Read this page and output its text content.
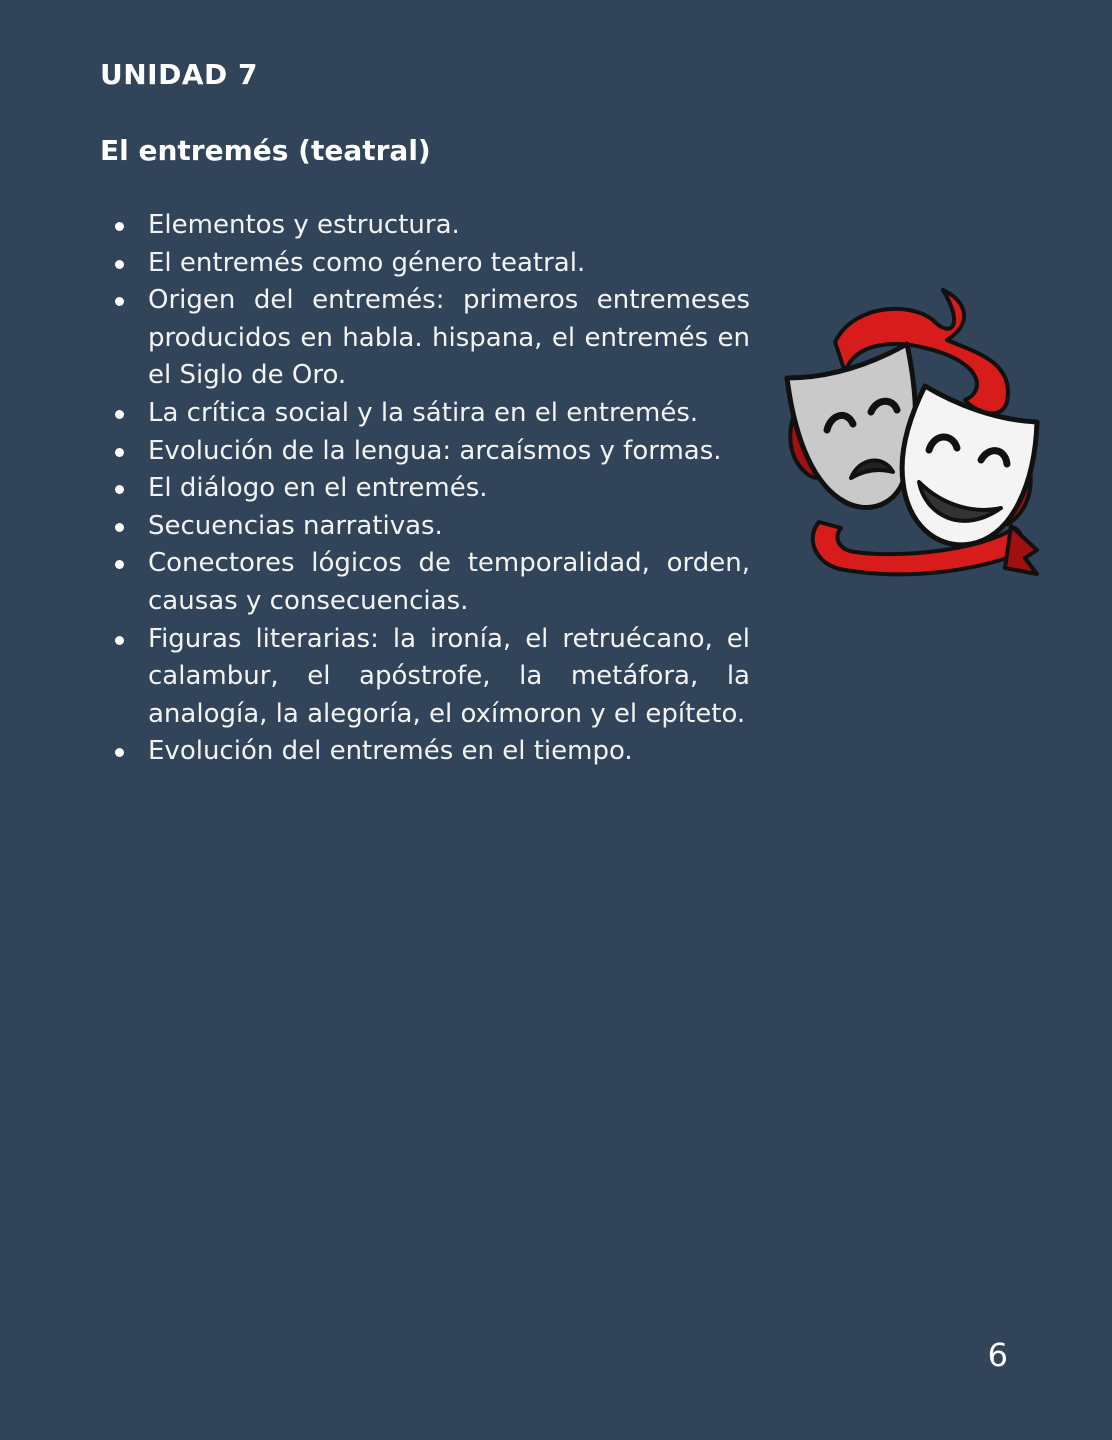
UNIDAD 7
El entremés (teatral)
Elementos y estructura.
El entremés como género teatral.
Origen del entremés: primeros entremeses producidos en habla. hispana, el entremés en el Siglo de Oro.
La crítica social y la sátira en el entremés.
Evolución de la lengua: arcaísmos y formas.
El diálogo en el entremés.
Secuencias narrativas.
Conectores lógicos de temporalidad, orden, causas y consecuencias.
Figuras literarias: la ironía, el retruécano, el calambur, el apóstrofe, la metáfora, la analogía, la alegoría, el oxímoron y el epíteto.
Evolución del entremés en el tiempo.
6
